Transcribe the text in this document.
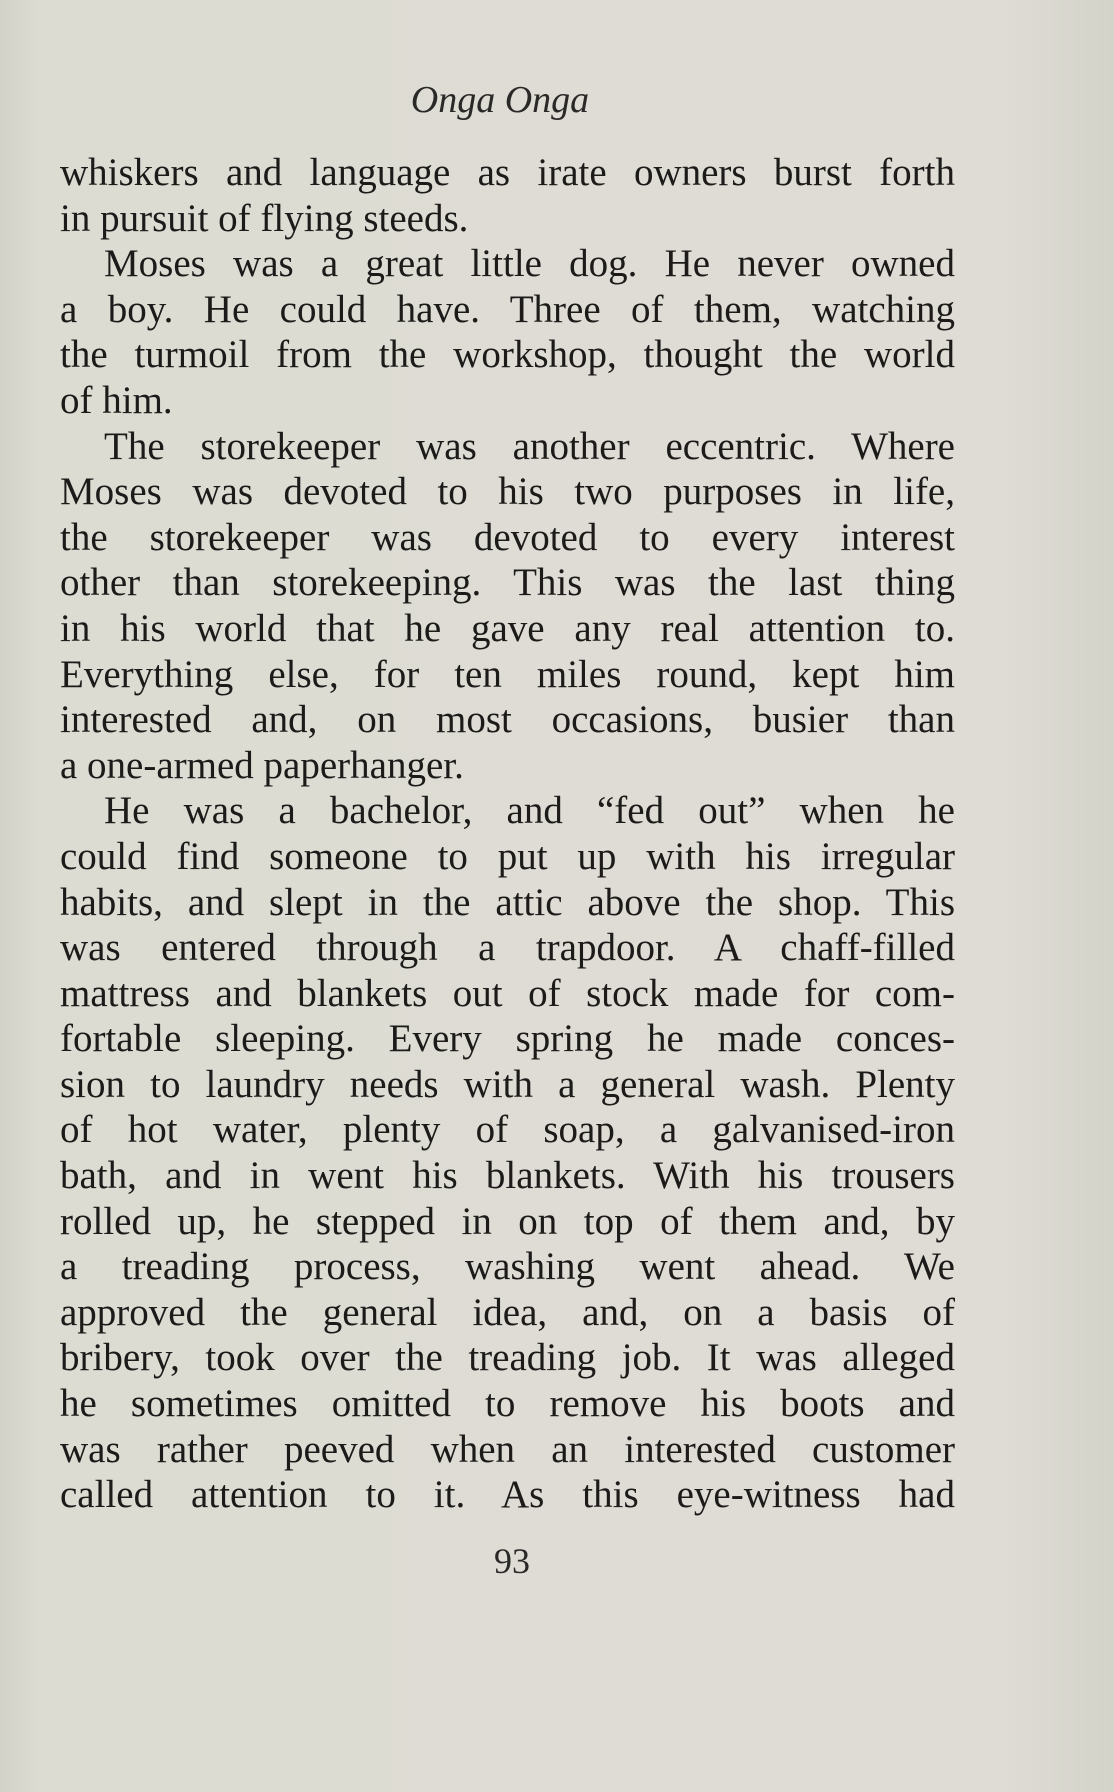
Onga Onga
whiskers and language as irate owners burst forth
in pursuit of flying steeds.
Moses was a great little dog. He never owned
a boy. He could have. Three of them, watching
the turmoil from the workshop, thought the world
of him.
The storekeeper was another eccentric. Where
Moses was devoted to his two purposes in life,
the storekeeper was devoted to every interest
other than storekeeping. This was the last thing
in his world that he gave any real attention to.
Everything else, for ten miles round, kept him
interested and, on most occasions, busier than
a one-armed paperhanger.
He was a bachelor, and “fed out” when he
could find someone to put up with his irregular
habits, and slept in the attic above the shop. This
was entered through a trapdoor. A chaff-filled
mattress and blankets out of stock made for com-
fortable sleeping. Every spring he made conces-
sion to laundry needs with a general wash. Plenty
of hot water, plenty of soap, a galvanised-iron
bath, and in went his blankets. With his trousers
rolled up, he stepped in on top of them and, by
a treading process, washing went ahead. We
approved the general idea, and, on a basis of
bribery, took over the treading job. It was alleged
he sometimes omitted to remove his boots and
was rather peeved when an interested customer
called attention to it. As this eye-witness had
93
